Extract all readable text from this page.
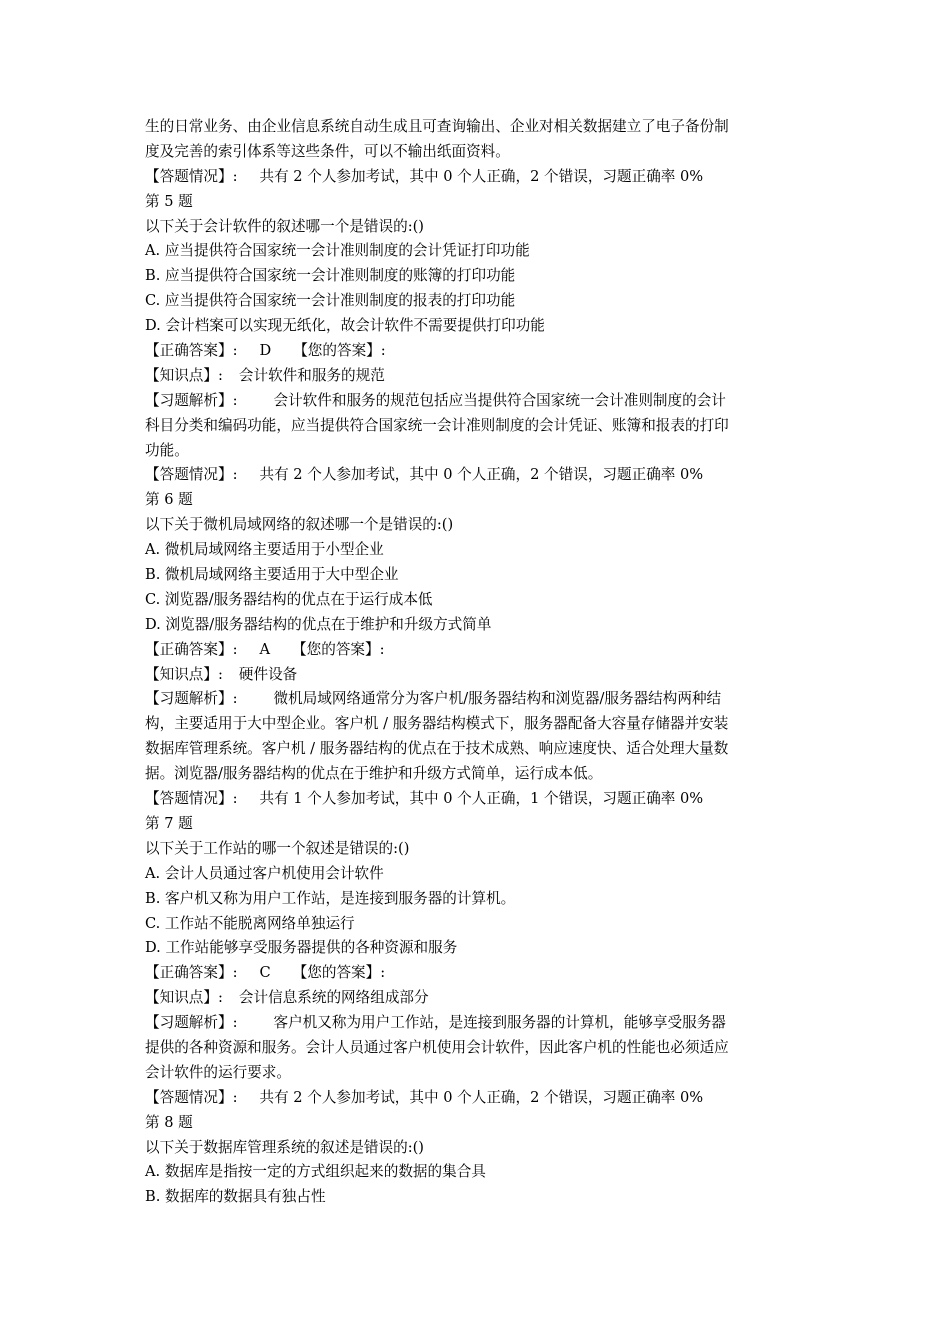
生的日常业务、由企业信息系统自动生成且可查询输出、企业对相关数据建立了电子备份制
度及完善的索引体系等这些条件，可以不输出纸面资料。
【答题情况】: 共有 2 个人参加考试，其中 0 个人正确，2 个错误，习题正确率 0%
第 5 题
以下关于会计软件的叙述哪一个是错误的:()
A. 应当提供符合国家统一会计准则制度的会计凭证打印功能
B. 应当提供符合国家统一会计准则制度的账簿的打印功能
C. 应当提供符合国家统一会计准则制度的报表的打印功能
D. 会计档案可以实现无纸化，故会计软件不需要提供打印功能
【正确答案】: D 【您的答案】:
【知识点】: 会计软件和服务的规范
【习题解析】: 会计软件和服务的规范包括应当提供符合国家统一会计准则制度的会计
科目分类和编码功能，应当提供符合国家统一会计准则制度的会计凭证、账簿和报表的打印
功能。
【答题情况】: 共有 2 个人参加考试，其中 0 个人正确，2 个错误，习题正确率 0%
第 6 题
以下关于微机局域网络的叙述哪一个是错误的:()
A. 微机局域网络主要适用于小型企业
B. 微机局域网络主要适用于大中型企业
C. 浏览器/服务器结构的优点在于运行成本低
D. 浏览器/服务器结构的优点在于维护和升级方式简单
【正确答案】: A 【您的答案】:
【知识点】: 硬件设备
【习题解析】: 微机局域网络通常分为客户机/服务器结构和浏览器/服务器结构两种结
构，主要适用于大中型企业。客户机 / 服务器结构模式下，服务器配备大容量存储器并安装
数据库管理系统。客户机 / 服务器结构的优点在于技术成熟、响应速度快、适合处理大量数
据。浏览器/服务器结构的优点在于维护和升级方式简单，运行成本低。
【答题情况】: 共有 1 个人参加考试，其中 0 个人正确，1 个错误，习题正确率 0%
第 7 题
以下关于工作站的哪一个叙述是错误的:()
A. 会计人员通过客户机使用会计软件
B. 客户机又称为用户工作站，是连接到服务器的计算机。
C. 工作站不能脱离网络单独运行
D. 工作站能够享受服务器提供的各种资源和服务
【正确答案】: C 【您的答案】:
【知识点】: 会计信息系统的网络组成部分
【习题解析】: 客户机又称为用户工作站，是连接到服务器的计算机，能够享受服务器
提供的各种资源和服务。会计人员通过客户机使用会计软件，因此客户机的性能也必须适应
会计软件的运行要求。
【答题情况】: 共有 2 个人参加考试，其中 0 个人正确，2 个错误，习题正确率 0%
第 8 题
以下关于数据库管理系统的叙述是错误的:()
A. 数据库是指按一定的方式组织起来的数据的集合具
B. 数据库的数据具有独占性
